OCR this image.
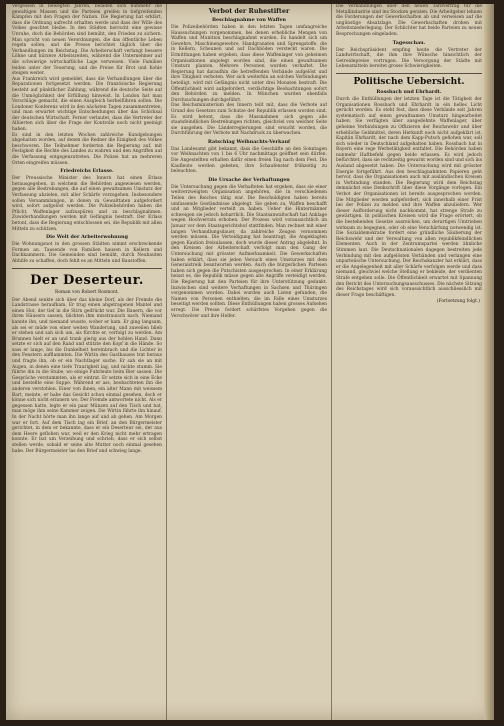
Vergessen in bewegten Jahren, beladen sich nunmehr die gewaltigen Massen und die Parteien greifen in tiefgreifenden Kämpfen mit den Fragen der Nation. Die Regierung hat erklärt, dass die Ordnung aufrecht erhalten werde und dass der Wille des Volkes geachtet bleibe. In den Städten herrscht eine gewisse Unruhe, doch die Behörden sind bemüht, den Frieden zu sichern. Man spricht von neuen Verordnungen, die das öffentliche Leben regeln sollen, und die Presse berichtet täglich über die Verhandlungen im Reichstag. Die Arbeiterschaft verlangt bessere Löhne und kürzere Arbeitszeiten, während die Unternehmer auf die schwierige wirtschaftliche Lage verweisen. Viele Familien leiden unter der Teuerung, und die Preise für Brot und Kohle steigen weiter.

Aus Frankreich wird gemeldet, dass die Verhandlungen über die Reparationen fortgesetzt werden. Die französische Regierung besteht auf pünktlicher Zahlung, während die deutsche Seite auf die Unmöglichkeit der Erfüllung hinweist. In London hat man Vorschläge gemacht, die einen Ausgleich herbeiführen sollen. Die Londoner Konferenz wird in den nächsten Tagen zusammentreten, und man erwartet wichtige Entscheidungen über das Schicksal der deutschen Wirtschaft. Ferner verlautet, dass die Vertreter der Alliierten sich über die Frage der Kontrolle noch nicht geeinigt haben.

Es sind in den letzten Wochen zahlreiche Kundgebungen abgehalten worden, auf denen die Redner die Einigkeit des Volkes beschworen. Die Teilnehmer forderten die Regierung auf, mit Festigkeit die Rechte des Landes zu wahren und den Angriffen auf die Verfassung entgegenzutreten. Die Polizei hat an mehreren Orten eingreifen müssen.

Friedreichs Erlasse.

Der Preussische Minister des Innern hat einen Erlass herausgegeben, in welchem die Behörden angewiesen werden, gegen alle Bestrebungen, die auf einen gewaltsamen Umsturz der Verfassung abzielen, mit aller Schärfe vorzugehen. Insbesondere sollen Versammlungen, in denen zu Gewalttaten aufgefordert wird, sofort aufgelöst werden. Die Polizeibehörden haben die Pflicht, Waffenlager aufzuspüren und zu beschlagnahmen. Zuwiderhandlungen werden mit Gefängnis bestraft. Der Erlass betont, dass die Regierung entschlossen sei, die Republik mit allen Mitteln zu schützen.

Die Welt der Arbeiterwohnung

Die Wohnungsnot in den grossen Städten nimmt erschreckende Formen an. Tausende von Familien hausen in Kellern und Dachkammern. Die Gemeinden sind bemüht, durch Neubauten Abhilfe zu schaffen, doch fehlt es an Mitteln und Baustoffen.

Der Deserteur.
Roman von Robert Rosmont.

Der Abend senkte sich über das kleine Dorf, als der Fremde die Landstrasse heraufkam. Er trug einen abgetragenen Mantel und einen Hut, der tief in die Stirn gedrückt war. Die Bauern, die vor ihren Häusern sassen, blickten ihm misstrauisch nach. Niemand kannte ihn, und niemand wusste, woher er kam. Er ging langsam, als sei er müde von einer weiten Wanderung, und zuweilen blieb er stehen und sah sich um, als fürchte er, verfolgt zu werden. Am Brunnen hielt er an und trank gierig aus der hohlen Hand. Dann setzte er sich auf den Rand und stützte den Kopf in die Hände. So sass er lange, bis die Dunkelheit hereinbrach und die Lichter in den Fenstern aufflammten. Die Wirtin des Gasthauses trat heraus und fragte ihn, ob er ein Nachtlager suche. Er sah sie an mit Augen, in denen eine tiefe Traurigkeit lag, und nickte stumm. Sie führte ihn in die Stube, wo einige Fuhrleute beim Bier sassen. Die Gespräche verstummten, als er eintrat. Er setzte sich in eine Ecke und bestellte eine Suppe. Während er ass, beobachteten ihn die anderen verstohlen. Einer von ihnen, ein alter Mann mit weissem Bart, meinte, er habe das Gesicht schon einmal gesehen, doch er könne sich nicht erinnern wo. Der Fremde antwortete nicht. Als er gegessen hatte, legte er ein paar Münzen auf den Tisch und bat, man möge ihm seine Kammer zeigen. Die Wirtin führte ihn hinauf. In der Nacht hörte man ihn lange auf und ab gehen. Am Morgen war er fort. Auf dem Tisch lag ein Brief, an den Bürgermeister gerichtet, in dem er bekannte, dass er ein Deserteur sei, der aus dem Heere geflohen war, weil er den Krieg nicht mehr ertragen konnte. Er bat um Verzeihung und schrieb, dass er sich selbst stellen werde, sobald er seine alte Mutter noch einmal gesehen habe. Der Bürgermeister las den Brief und schwieg lange.

Verbot der Ruhestifter
Beschlagnahme von Waffen

Die Polizeibehörden haben in den letzten Tagen umfangreiche Haussuchungen vorgenommen, bei denen erhebliche Mengen von Waffen und Munition beschlagnahmt wurden. Es handelt sich um Gewehre, Maschinengewehre, Handgranaten und Sprengstoffe, die in Kellern, Scheunen und auf Dachböden versteckt waren. Die Ermittlungen haben ergeben, dass diese Waffenlager von geheimen Organisationen angelegt worden sind, die einen gewaltsamen Umsturz planten. Mehrere Personen wurden verhaftet. Die Regierung hat daraufhin die betreffenden Verbände aufgelöst und ihre Tätigkeit verboten. Wer sich weiterhin an solchen Verbindungen beteiligt, wird mit Gefängnis nicht unter drei Monaten bestraft. Die Öffentlichkeit wird aufgefordert, verdächtige Beobachtungen sofort den Behörden zu melden. In München wurden ebenfalls Durchsuchungen durchgeführt.

Das Reichsministerium des Innern teilt mit, dass die Verbote auf Grund des Gesetzes zum Schutze der Republik erlassen worden sind. Es wird betont, dass die Massnahmen sich gegen alle staatsfeindlichen Bestrebungen richten, gleichviel von welcher Seite sie ausgehen. Die Länderregierungen sind ersucht worden, die Durchführung der Verbote mit Nachdruck zu überwachen.

Ratschlag Weihnachts-Verkauf

Das Landesamt gibt bekannt, dass die Geschäfte an den Sonntagen vor Weihnachten von 1 bis 6 Uhr nachmittags geöffnet sein dürfen. Die Angestellten erhalten dafür einen freien Tag nach dem Fest. Die Kaufleute werden gebeten, ihre Schaufenster frühzeitig zu beleuchten.

Die Ursache der Verhaftungen

Die Untersuchung gegen die Verhafteten hat ergeben, dass sie einer weitverzweigten Organisation angehören, die in verschiedenen Teilen des Reiches tätig war. Die Beschuldigten haben bereits umfassende Geständnisse abgelegt. Sie geben zu, Waffen beschafft und an Mitglieder verteilt zu haben. Ueber die Hintermänner schweigen sie jedoch beharrlich. Die Staatsanwaltschaft hat Anklage wegen Hochverrats erhoben. Der Prozess wird voraussichtlich im Januar vor dem Staatsgerichtshof stattfinden. Man rechnet mit einer langen Verhandlungsdauer, da zahlreiche Zeugen vernommen werden müssen. Die Verteidigung hat beantragt, die Angeklagten gegen Kaution freizulassen, doch wurde dieser Antrag abgelehnt. In den Kreisen der Arbeiterschaft verfolgt man den Gang der Untersuchung mit grösster Aufmerksamkeit. Die Gewerkschaften haben erklärt, dass sie jeden Versuch eines Umsturzes mit dem Generalstreik beantworten werden. Auch die bürgerlichen Parteien haben sich gegen die Putschisten ausgesprochen. In einer Erklärung heisst es, die Republik müsse gegen alle Angriffe verteidigt werden. Die Regierung hat den Parteien für ihre Unterstützung gedankt. Inzwischen sind weitere Verhaftungen in Sachsen und Thüringen vorgenommen worden. Dabei wurden auch Listen gefunden, die Namen von Personen enthielten, die im Falle eines Umsturzes beseitigt werden sollten. Diese Enthüllungen haben grosses Aufsehen erregt. Die Presse fordert schärfstes Vorgehen gegen die Verschwörer und ihre Helfer.

Die Verhandlungen über den neuen Tarifvertrag für die Metallindustrie sind ins Stocken geraten. Die Arbeitgeber lehnen die Forderungen der Gewerkschaften ab und verweisen auf die ungünstige Absatzlage. Die Gewerkschaften drohen mit Arbeitsniederlegung. Der Schlichter hat beide Parteien zu neuen Besprechungen eingeladen.

Tagesschau.

Der Reichspräsident empfing heute die Vertreter der Landwirtschaft, die ihm ihre Wünsche hinsichtlich der Getreidepreise vortrugen. Die Versorgung der Städte mit Lebensmitteln bereitet grosse Schwierigkeiten.

Politische Uebersicht.
Rossbach und Ehrhardt.

Durch die Enthüllungen der letzten Tage ist die Tätigkeit der Organisationen Rossbach und Ehrhardt in ein helles Licht gerückt worden. Es steht fest, dass diese Verbände seit Jahren systematisch auf einen gewaltsamen Umsturz hingearbeitet haben. Sie verfügten über ausgedehnte Waffenlager, über geheime Verbindungen zu Offizieren der Reichswehr und über erhebliche Geldmittel, deren Herkunft noch nicht aufgeklärt ist. Kapitän Ehrhardt, der nach dem Kapp-Putsch geflohen war, soll sich wieder in Deutschland aufgehalten haben. Rossbach hat in Bayern eine rege Werbetätigkeit entfaltet. Die Behörden haben nunmehr Haftbefehl gegen beide erlassen. Es wird jedoch befürchtet, dass sie rechtzeitig gewarnt worden sind und sich ins Ausland abgesetzt haben. Die Untersuchung wird mit grösster Energie fortgeführt. Aus den beschlagnahmten Papieren geht hervor, dass die Organisationen auch mit ausländischen Kreisen in Verbindung standen. Die Regierung wird dem Reichstag demnächst eine Denkschrift über diese Vorgänge vorlegen. Ein Verbot der Organisationen ist bereits ausgesprochen worden. Die Mitglieder werden aufgefordert, sich innerhalb einer Frist bei der Polizei zu melden und ihre Waffen abzuliefern. Wer dieser Aufforderung nicht nachkommt, hat strenge Strafe zu gewärtigen. In politischen Kreisen wird die Frage erörtert, ob die bestehenden Gesetze ausreichen, um derartigen Umtrieben wirksam zu begegnen, oder ob eine Verschärfung notwendig ist. Die Sozialdemokratie fordert eine gründliche Säuberung der Reichswehr und der Verwaltung von allen republikfeindlichen Elementen. Auch in der Zentrumspartei werden ähnliche Stimmen laut. Die Deutschnationalen dagegen bestreiten jede Verbindung mit den aufgelösten Verbänden und verlangen eine unparteiische Untersuchung. Der Reichskanzler hat erklärt, dass er die Angelegenheit mit aller Schärfe verfolgen werde und dass niemand, gleichviel welche Stellung er bekleide, der verdienten Strafe entgehen solle. Die Öffentlichkeit erwartet mit Spannung den Bericht des Untersuchungsausschusses. Die nächste Sitzung des Reichstages wird sich voraussichtlich ausschliesslich mit dieser Frage beschäftigen.

(Fortsetzung folgt.)
